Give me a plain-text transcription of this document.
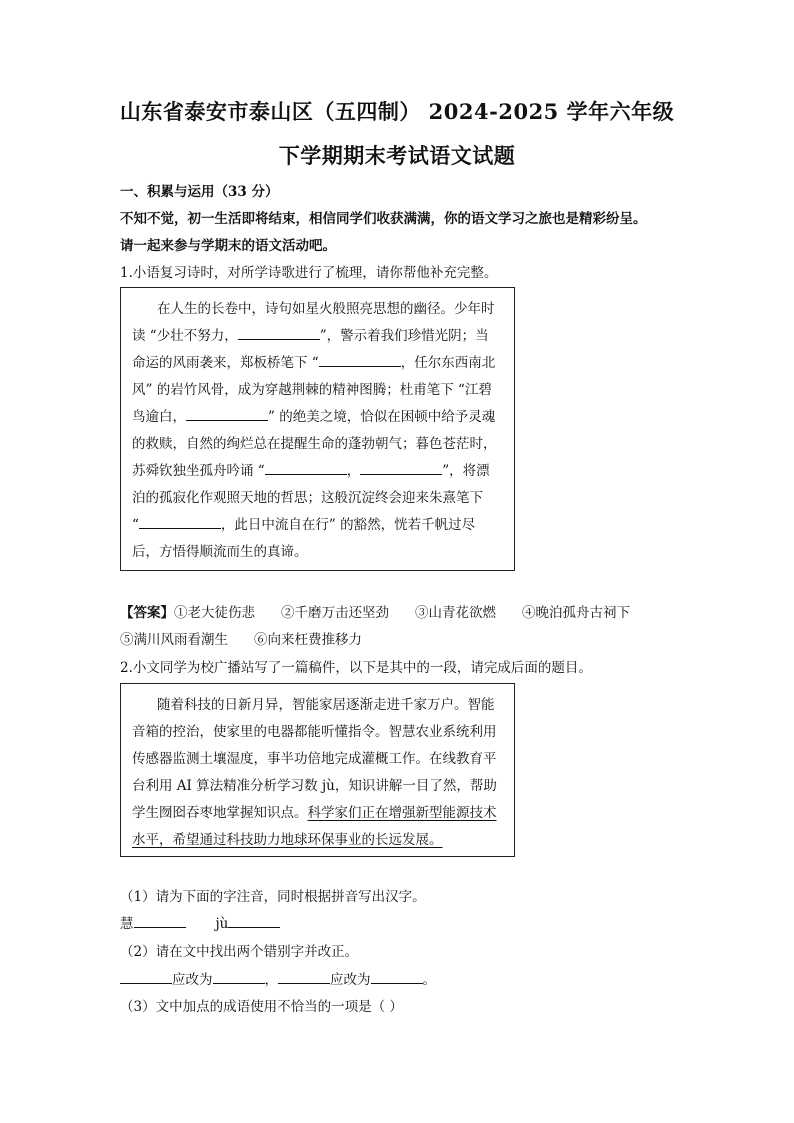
山东省泰安市泰山区（五四制） 2024-2025 学年六年级
下学期期末考试语文试题
一、积累与运用（33 分）
不知不觉，初一生活即将结束，相信同学们收获满满，你的语文学习之旅也是精彩纷呈。
请一起来参与学期末的语文活动吧。
1.小语复习诗时，对所学诗歌进行了梳理，请你帮他补充完整。
在人生的长卷中，诗句如星火般照亮思想的幽径。少年时
读 “少壮不努力，	”，警示着我们珍惜光阴；当
命运的风雨袭来，郑板桥笔下 “	，任尔东西南北
风” 的岩竹风骨，成为穿越荆棘的精神图腾；杜甫笔下 “江碧
鸟逾白，	” 的绝美之境，恰似在困顿中给予灵魂
的救赎，自然的绚烂总在提醒生命的蓬勃朝气；暮色苍茫时，
苏舜钦独坐孤舟吟诵 “	，	”，将漂
泊的孤寂化作观照天地的哲思；这般沉淀终会迎来朱熹笔下
“	，此日中流自在行” 的豁然，恍若千帆过尽
后，方悟得顺流而生的真谛。
【答案】①老大徒伤悲 ②千磨万击还坚劲 ③山青花欲燃 ④晚泊孤舟古祠下
⑤满川风雨看潮生 ⑥向来枉费推移力
2.小文同学为校广播站写了一篇稿件，以下是其中的一段，请完成后面的题目。
随着科技的日新月异，智能家居逐渐走进千家万户。智能
音箱的控治，使家里的电器都能听懂指令。智慧农业系统利用
传感器监测土壤湿度，事半功倍地完成灌概工作。在线教育平
台利用 AI 算法精准分析学习数 jù，知识讲解一目了然，帮助
学生囫囵吞枣地掌握知识点。科学家们正在增强新型能源技术
水平，希望通过科技助力地球环保事业的长远发展。
（1）请为下面的字注音，同时根据拼音写出汉字。
慧	jù
（2）请在文中找出两个错别字并改正。
应改为	，	应改为	。
（3）文中加点的成语使用不恰当的一项是（ ）
